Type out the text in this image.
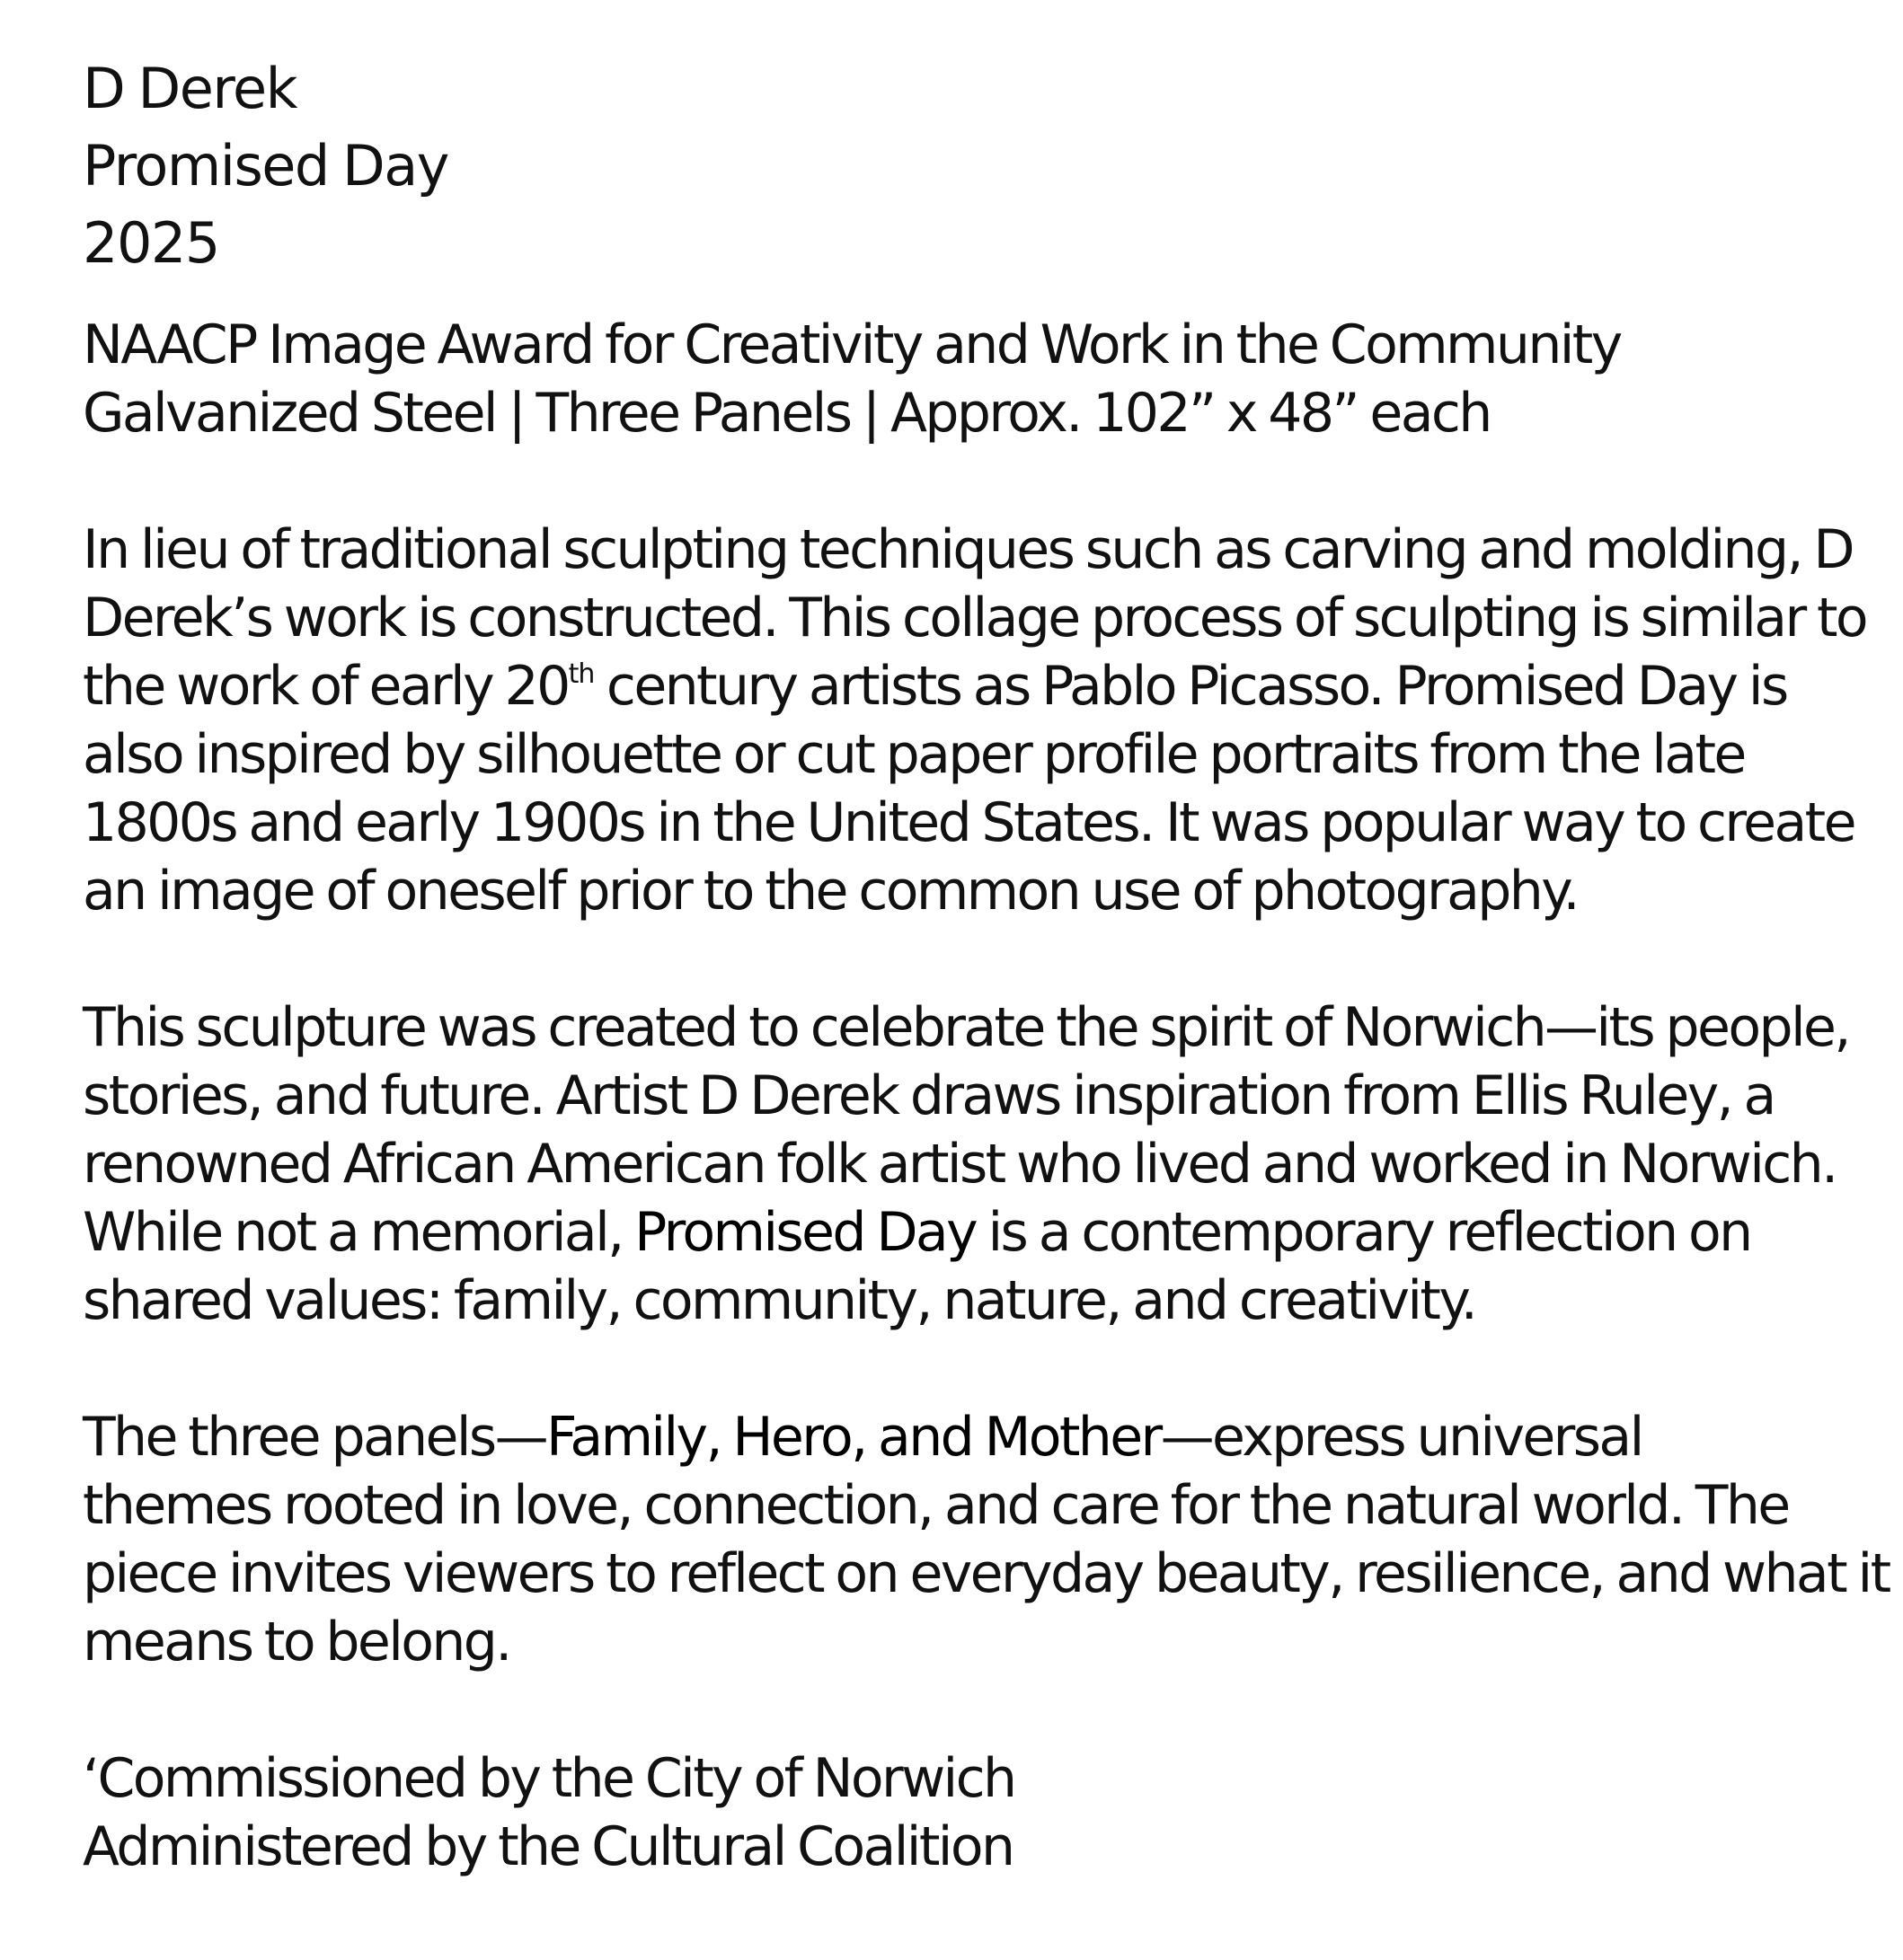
D Derek
Promised Day
2025
NAACP Image Award for Creativity and Work in the Community
Galvanized Steel | Three Panels | Approx. 102” x 48” each
In lieu of traditional sculpting techniques such as carving and molding, D
Derek’s work is constructed. This collage process of sculpting is similar to
the work of early 20th century artists as Pablo Picasso. Promised Day is
also inspired by silhouette or cut paper profile portraits from the late
1800s and early 1900s in the United States. It was popular way to create
an image of oneself prior to the common use of photography.
This sculpture was created to celebrate the spirit of Norwich—its people,
stories, and future. Artist D Derek draws inspiration from Ellis Ruley, a
renowned African American folk artist who lived and worked in Norwich.
While not a memorial, Promised Day is a contemporary reflection on
shared values: family, community, nature, and creativity.
The three panels—Family, Hero, and Mother—express universal
themes rooted in love, connection, and care for the natural world. The
piece invites viewers to reflect on everyday beauty, resilience, and what it
means to belong.
‘Commissioned by the City of Norwich
Administered by the Cultural Coalition
